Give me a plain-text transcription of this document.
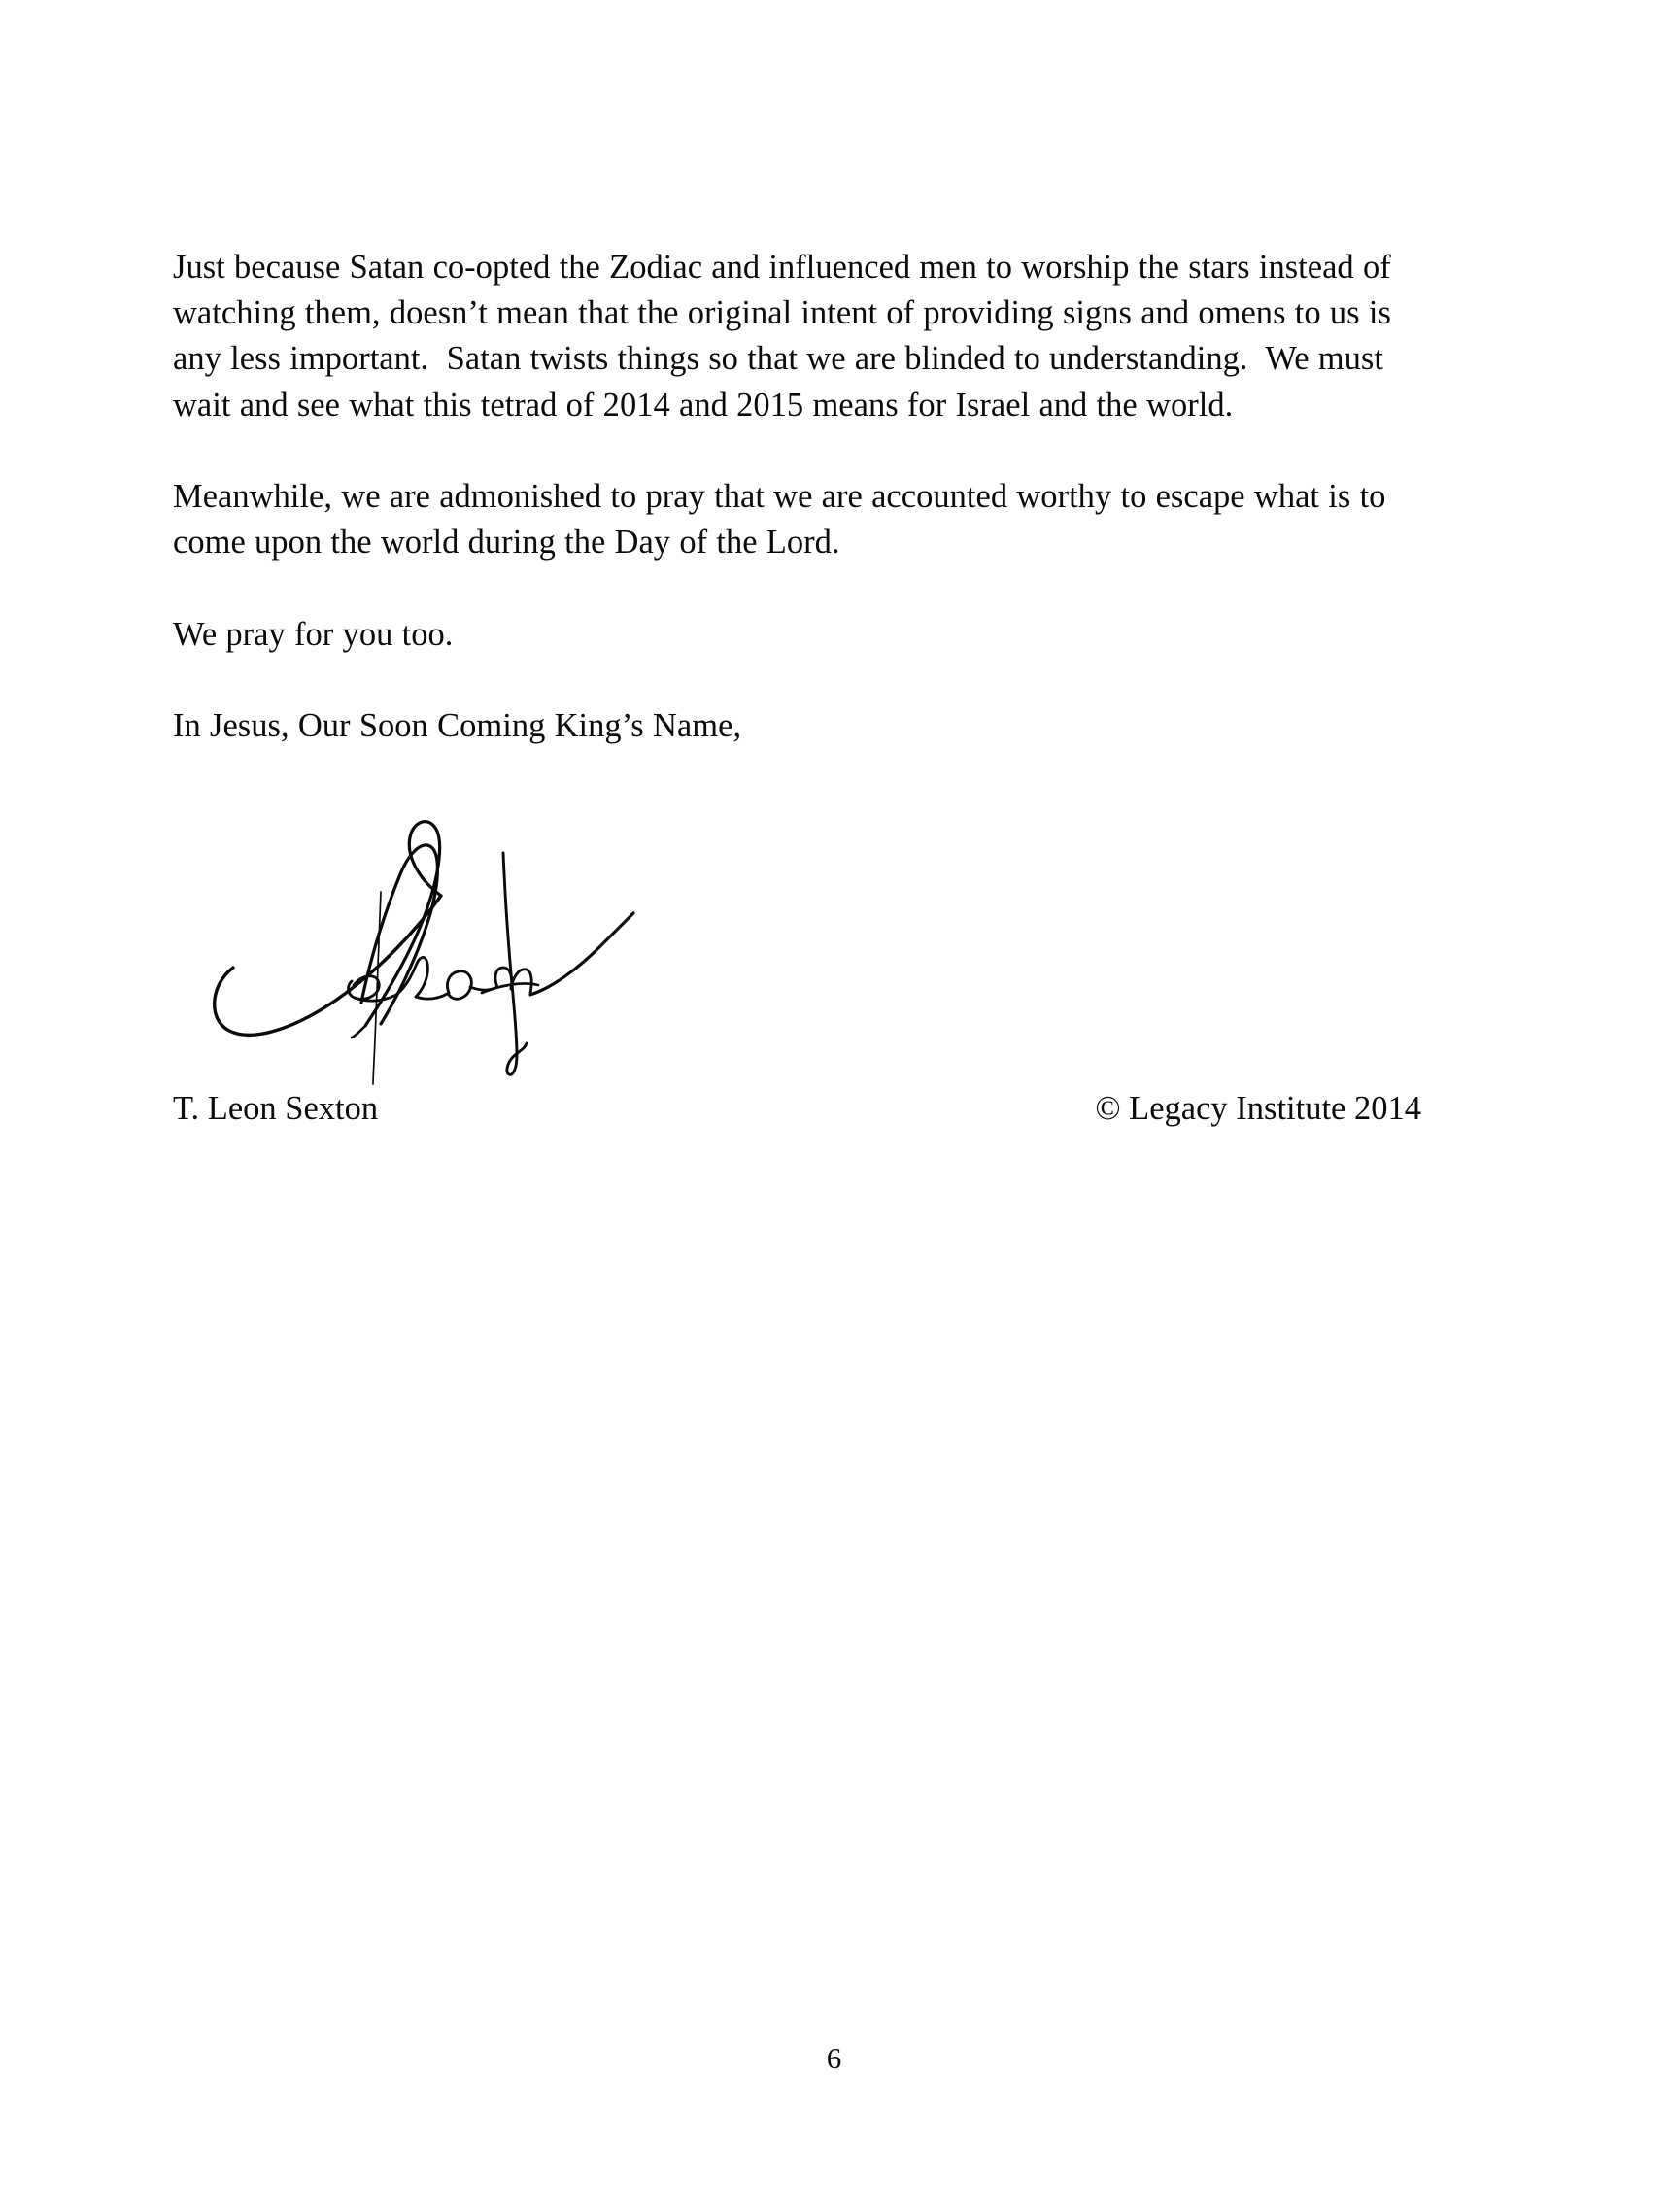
Just because Satan co-opted the Zodiac and influenced men to worship the stars instead of watching them, doesn’t mean that the original intent of providing signs and omens to us is any less important.  Satan twists things so that we are blinded to understanding.  We must wait and see what this tetrad of 2014 and 2015 means for Israel and the world.

Meanwhile, we are admonished to pray that we are accounted worthy to escape what is to come upon the world during the Day of the Lord.

We pray for you too.

In Jesus, Our Soon Coming King’s Name,

T. Leon Sexton	© Legacy Institute 2014
6
